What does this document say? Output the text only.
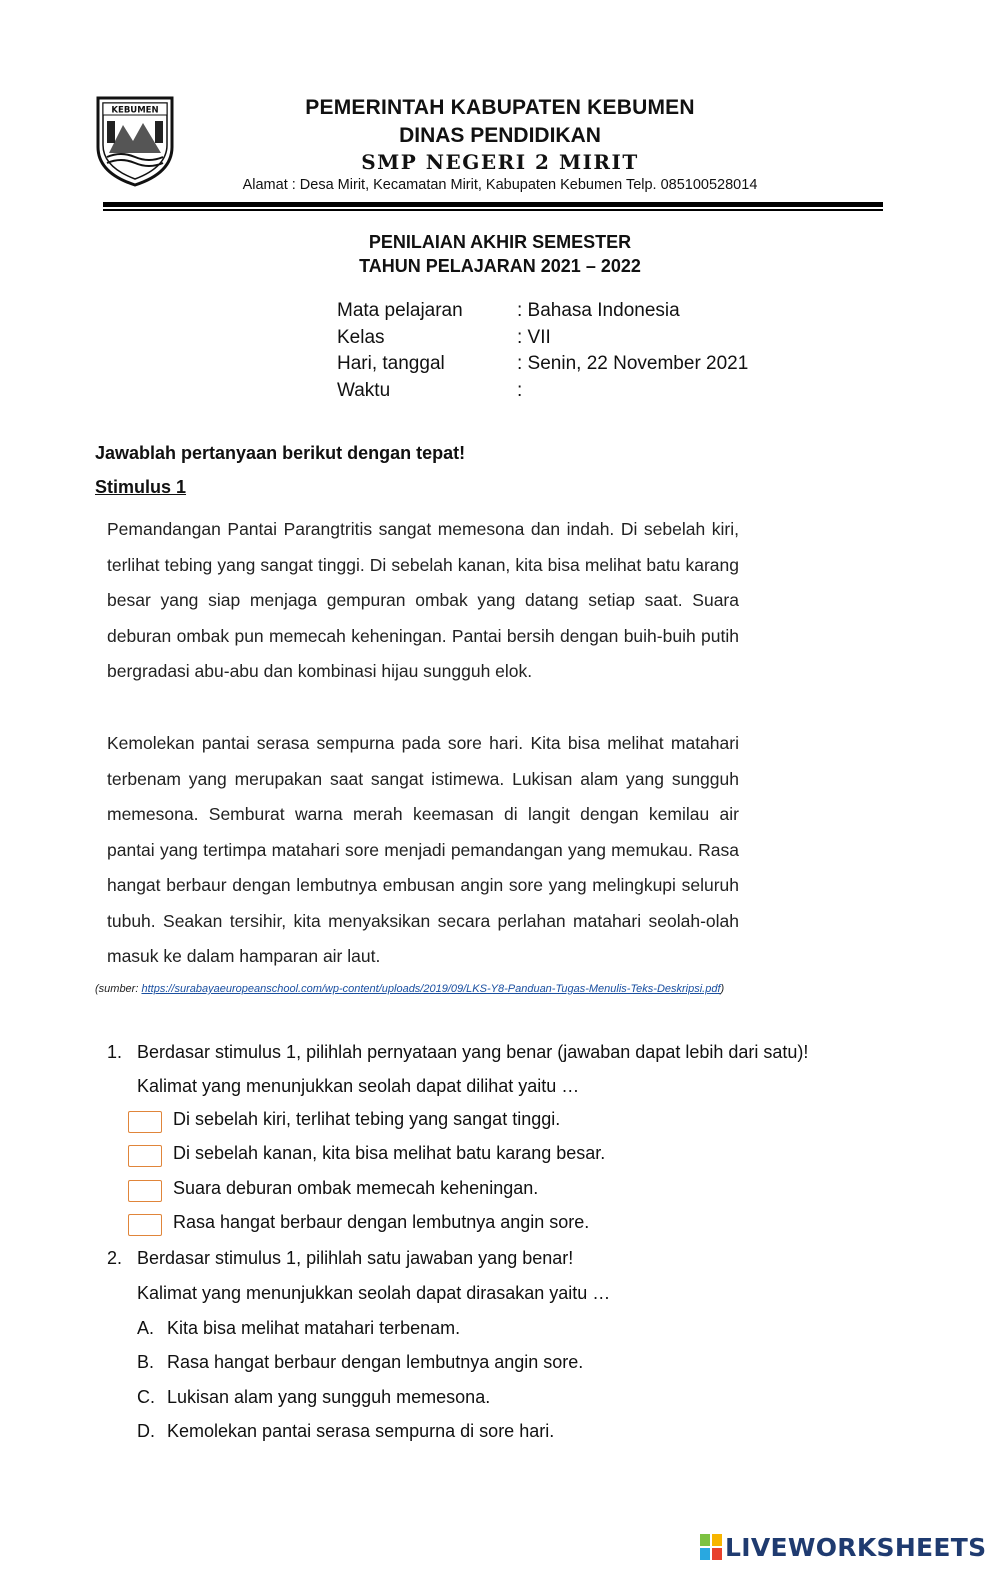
KEBUMEN	PEMERINTAH KABUPATEN KEBUMEN
DINAS PENDIDIKAN
SMP NEGERI 2 MIRIT
Alamat : Desa Mirit, Kecamatan Mirit, Kabupaten Kebumen Telp. 085100528014
PENILAIAN AKHIR SEMESTER
TAHUN PELAJARAN 2021 – 2022
Mata pelajaran	: Bahasa Indonesia
Kelas	: VII
Hari, tanggal	: Senin, 22 November 2021
Waktu	:
Jawablah pertanyaan berikut dengan tepat!
Stimulus 1
Pemandangan Pantai Parangtritis sangat memesona dan indah. Di sebelah kiri, terlihat tebing yang sangat tinggi. Di sebelah kanan, kita bisa melihat batu karang besar yang siap menjaga gempuran ombak yang datang setiap saat. Suara deburan ombak pun memecah keheningan. Pantai bersih dengan buih-buih putih bergradasi abu-abu dan kombinasi hijau sungguh elok.
Kemolekan pantai serasa sempurna pada sore hari. Kita bisa melihat matahari terbenam yang merupakan saat sangat istimewa. Lukisan alam yang sungguh memesona. Semburat warna merah keemasan di langit dengan kemilau air pantai yang tertimpa matahari sore menjadi pemandangan yang memukau. Rasa hangat berbaur dengan lembutnya embusan angin sore yang melingkupi seluruh tubuh. Seakan tersihir, kita menyaksikan secara perlahan matahari seolah-olah masuk ke dalam hamparan air laut.
(sumber: https://surabayaeuropeanschool.com/wp-content/uploads/2019/09/LKS-Y8-Panduan-Tugas-Menulis-Teks-Deskripsi.pdf)
1. Berdasar stimulus 1, pilihlah pernyataan yang benar (jawaban dapat lebih dari satu)!
Kalimat yang menunjukkan seolah dapat dilihat yaitu …
Di sebelah kiri, terlihat tebing yang sangat tinggi.
Di sebelah kanan, kita bisa melihat batu karang besar.
Suara deburan ombak memecah keheningan.
Rasa hangat berbaur dengan lembutnya angin sore.
2. Berdasar stimulus 1, pilihlah satu jawaban yang benar!
Kalimat yang menunjukkan seolah dapat dirasakan yaitu …
A. Kita bisa melihat matahari terbenam.
B. Rasa hangat berbaur dengan lembutnya angin sore.
C. Lukisan alam yang sungguh memesona.
D. Kemolekan pantai serasa sempurna di sore hari.
LIVEWORKSHEETS
